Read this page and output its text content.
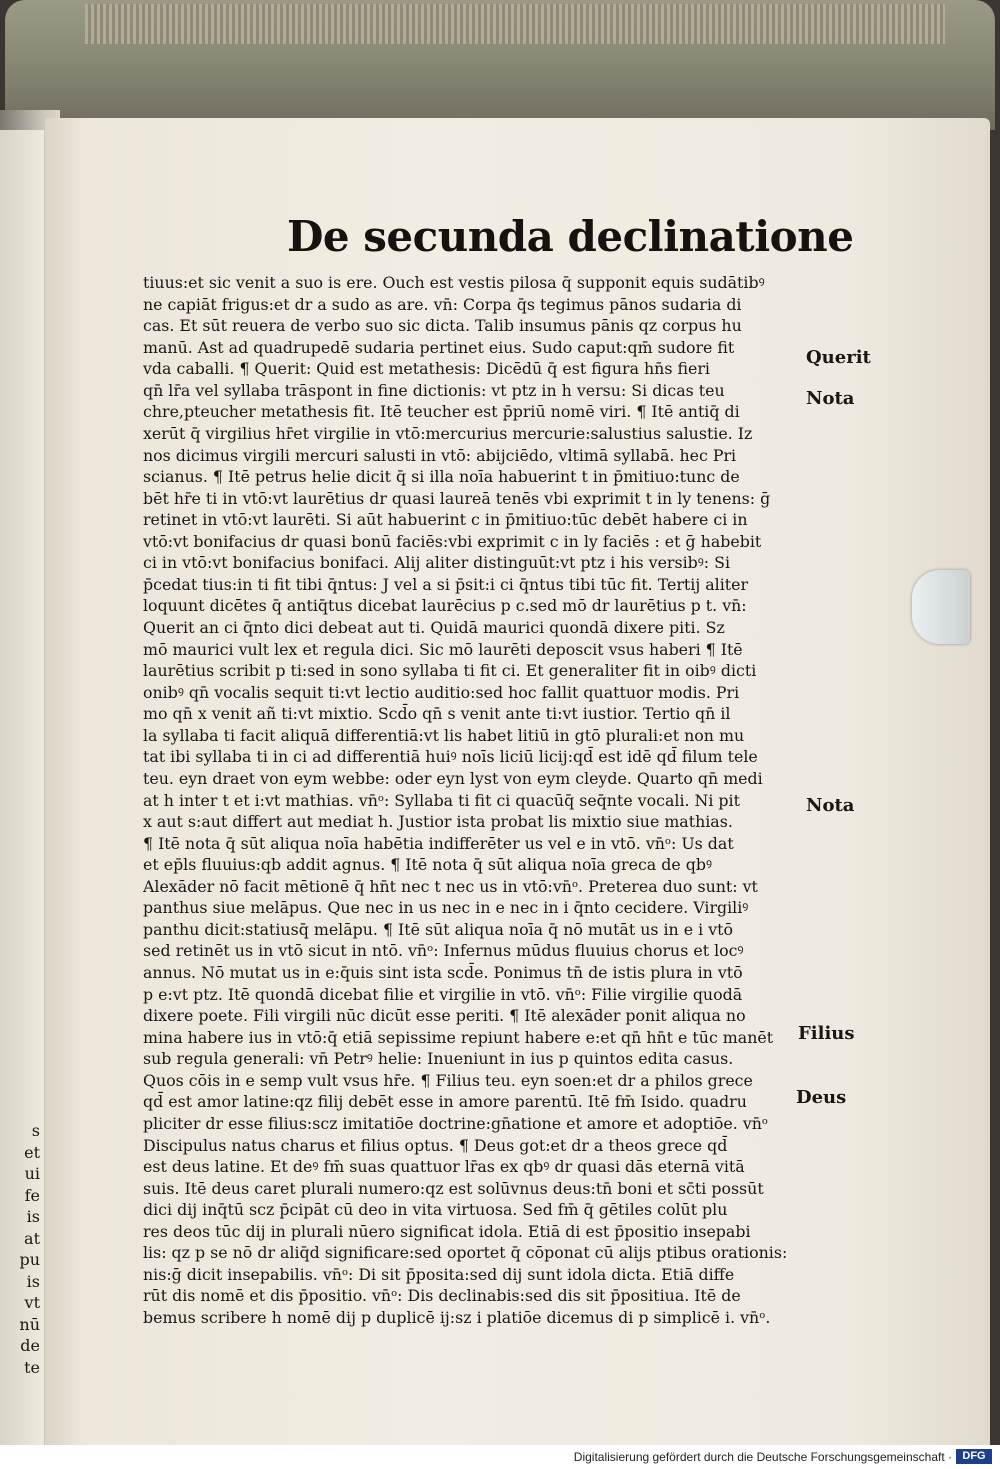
s
et
ui
fe
is
at
pu
is
vt
nū
de
te
De secunda declinatione
tiuus:et sic venit a suo is ere. Ouch est vestis pilosa q̄ supponit equis sudātibꝰ
ne capiāt frigus:et dr a sudo as are. vn̄: Corpa q̄s tegimus pānos sudaria di
cas. Et sūt reuera de verbo suo sic dicta. Talib insumus pānis qz corpus hu
manū. Ast ad quadrupedē sudaria pertinet eius. Sudo caput:qm̄ sudore fit
vda caballi. ¶ Querit: Quid est metathesis: Dicēdū q̄ est figura hn̄s fieri
qn̄ lr̄a vel syllaba trāspont in fine dictionis: vt ptz in h versu: Si dicas teu
chre,pteucher metathesis fit. Itē teucher est p̄priū nomē viri. ¶ Itē antiq̄ di
xerūt q̄ virgilius hr̄et virgilie in vtō:mercurius mercurie:salustius salustie. Iz
nos dicimus virgili mercuri salusti in vtō: abijciēdo, vltimā syllabā. hec Pri
scianus. ¶ Itē petrus helie dicit q̄ si illa noīa habuerint t in p̄mitiuo:tunc de
bēt hr̄e ti in vtō:vt laurētius dr quasi laureā tenēs vbi exprimit t in ly tenens: ḡ
retinet in vtō:vt laurēti. Si aūt habuerint c in p̄mitiuo:tūc debēt habere ci in
vtō:vt bonifacius dr quasi bonū faciēs:vbi exprimit c in ly faciēs : et ḡ habebit
ci in vtō:vt bonifacius bonifaci. Alij aliter distinguūt:vt ptz i his versibꝰ: Si
p̄cedat tius:in ti fit tibi q̄ntus: J vel a si p̄sit:i ci q̄ntus tibi tūc fit. Tertij aliter
loquunt dicētes q̄ antiq̄tus dicebat laurēcius p c.sed mō dr laurētius p t. vn̄:
Querit an ci q̄nto dici debeat aut ti. Quidā maurici quondā dixere piti. Sz
mō maurici vult lex et regula dici. Sic mō laurēti deposcit vsus haberi ¶ Itē
laurētius scribit p ti:sed in sono syllaba ti fit ci. Et generaliter fit in oibꝰ dicti
onibꝰ qn̄ vocalis sequit ti:vt lectio auditio:sed hoc fallit quattuor modis. Pri
mo qn̄ x venit añ ti:vt mixtio. Scd̄o qn̄ s venit ante ti:vt iustior. Tertio qn̄ il
la syllaba ti facit aliquā differentiā:vt lis habet litiū in gtō plurali:et non mu
tat ibi syllaba ti in ci ad differentiā huiꝰ noīs liciū licij:qd̄ est idē qd̄ filum tele
teu. eyn draet von eym webbe: oder eyn lyst von eym cleyde. Quarto qn̄ medi
at h inter t et i:vt mathias. vn̄ᵒ: Syllaba ti fit ci quacūq̄ seq̄nte vocali. Ni pit
x aut s:aut differt aut mediat h. Justior ista probat lis mixtio siue mathias.
¶ Itē nota q̄ sūt aliqua noīa habētia indifferēter us vel e in vtō. vn̄ᵒ: Us dat
et ep̄ls fluuius:qb addit agnus. ¶ Itē nota q̄ sūt aliqua noīa greca de qbꝰ
Alexāder nō facit mētionē q̄ hn̄t nec t nec us in vtō:vn̄ᵒ. Preterea duo sunt: vt
panthus siue melāpus. Que nec in us nec in e nec in i q̄nto cecidere. Virgiliꝰ
panthu dicit:statiusq̄ melāpu. ¶ Itē sūt aliqua noīa q̄ nō mutāt us in e i vtō
sed retinēt us in vtō sicut in ntō. vn̄ᵒ: Infernus mūdus fluuius chorus et locꝰ
annus. Nō mutat us in e:q̄uis sint ista scd̄e. Ponimus tn̄ de istis plura in vtō
p e:vt ptz. Itē quondā dicebat filie et virgilie in vtō. vn̄ᵒ: Filie virgilie quodā
dixere poete. Fili virgili nūc dicūt esse periti. ¶ Itē alexāder ponit aliqua no
mina habere ius in vtō:q̄ etiā sepissime repiunt habere e:et qn̄ hn̄t e tūc manēt
sub regula generali: vn̄ Petrꝰ helie: Inueniunt in ius p quintos edita casus.
Quos cōis in e semp vult vsus hr̄e. ¶ Filius teu. eyn soen:et dr a philos grece
qd̄ est amor latine:qz filij debēt esse in amore parentū. Itē fm̄ Isido. quadru
pliciter dr esse filius:scz imitatiōe doctrine:gn̄atione et amore et adoptiōe. vn̄ᵒ
Discipulus natus charus et filius optus. ¶ Deus got:et dr a theos grece qd̄
est deus latine. Et deꝰ fm̄ suas quattuor lr̄as ex qbꝰ dr quasi dās eternā vitā
suis. Itē deus caret plurali numero:qz est solūvnus deus:tn̄ boni et sc̄ti possūt
dici dij inq̄tū scz p̄cipāt cū deo in vita virtuosa. Sed fm̄ q̄ gētiles colūt plu
res deos tūc dij in plurali nūero significat idola. Etiā di est p̄positio insepabi
lis: qz p se nō dr aliq̄d significare:sed oportet q̄ cōponat cū alijs ptibus orationis:
nis:ḡ dicit insepabilis. vn̄ᵒ: Di sit p̄posita:sed dij sunt idola dicta. Etiā diffe
rūt dis nomē et dis p̄positio. vn̄ᵒ: Dis declinabis:sed dis sit p̄positiua. Itē de
bemus scribere h nomē dij p duplicē ij:sz i platiōe dicemus di p simplicē i. vn̄ᵒ.
Querit
Nota
Nota
Filius
Deus
Digitalisierung gefördert durch die Deutsche Forschungsgemeinschaft · DFG
